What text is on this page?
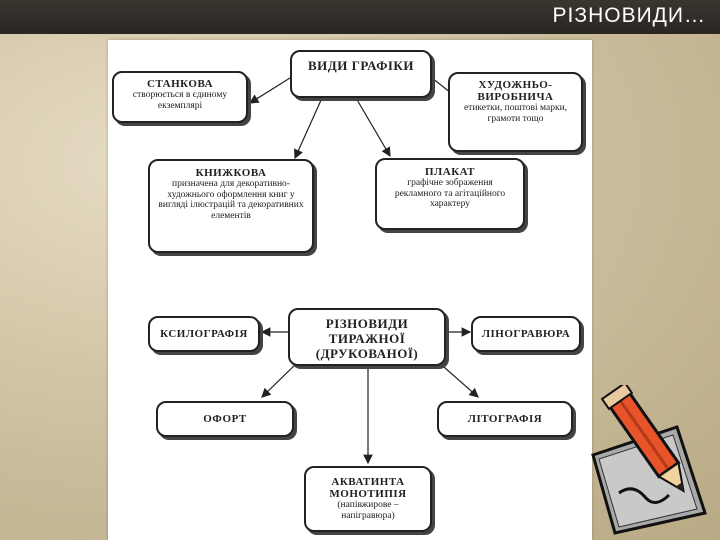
РІЗНОВИДИ…
ВИДИ ГРАФІКИ
СТАНКОВА
створюється в єдиному екземплярі
ХУДОЖНЬО-ВИРОБНИЧА
етикетки, поштові марки, грамоти тощо
КНИЖКОВА
призначена для декоративно-художнього оформлення книг у вигляді ілюстрацій та декоративних елементів
ПЛАКАТ
графічне зображення рекламного та агітаційного характеру
РІЗНОВИДИ ТИРАЖНОЇ (ДРУКОВАНОЇ)
КСИЛОГРАФІЯ	ЛІНОГРАВЮРА
ОФОРТ	ЛІТОГРАФІЯ
АКВАТИНТА МОНОТИПІЯ
(напівжирове – напігравюра)
